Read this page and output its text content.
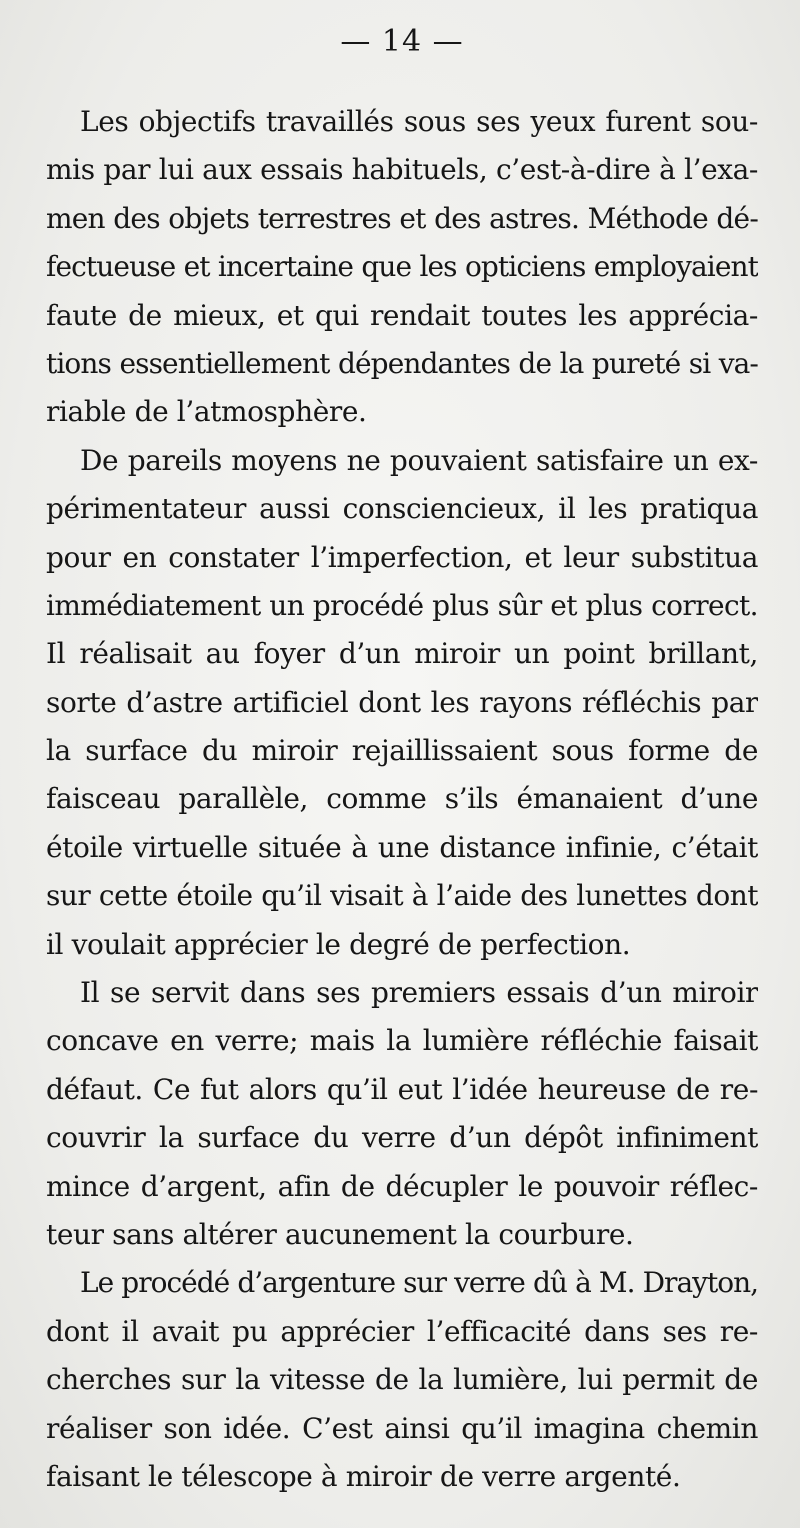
— 14 —
Les objectifs travaillés sous ses yeux furent sou-
mis par lui aux essais habituels, c’est-à-dire à l’exa-
men des objets terrestres et des astres. Méthode dé-
fectueuse et incertaine que les opticiens employaient
faute de mieux, et qui rendait toutes les apprécia-
tions essentiellement dépendantes de la pureté si va-
riable de l’atmosphère.
De pareils moyens ne pouvaient satisfaire un ex-
périmentateur aussi consciencieux, il les pratiqua
pour en constater l’imperfection, et leur substitua
immédiatement un procédé plus sûr et plus correct.
Il réalisait au foyer d’un miroir un point brillant,
sorte d’astre artificiel dont les rayons réfléchis par
la surface du miroir rejaillissaient sous forme de
faisceau parallèle, comme s’ils émanaient d’une
étoile virtuelle située à une distance infinie, c’était
sur cette étoile qu’il visait à l’aide des lunettes dont
il voulait apprécier le degré de perfection.
Il se servit dans ses premiers essais d’un miroir
concave en verre; mais la lumière réfléchie faisait
défaut. Ce fut alors qu’il eut l’idée heureuse de re-
couvrir la surface du verre d’un dépôt infiniment
mince d’argent, afin de décupler le pouvoir réflec-
teur sans altérer aucunement la courbure.
Le procédé d’argenture sur verre dû à M. Drayton,
dont il avait pu apprécier l’efficacité dans ses re-
cherches sur la vitesse de la lumière, lui permit de
réaliser son idée. C’est ainsi qu’il imagina chemin
faisant le télescope à miroir de verre argenté.
